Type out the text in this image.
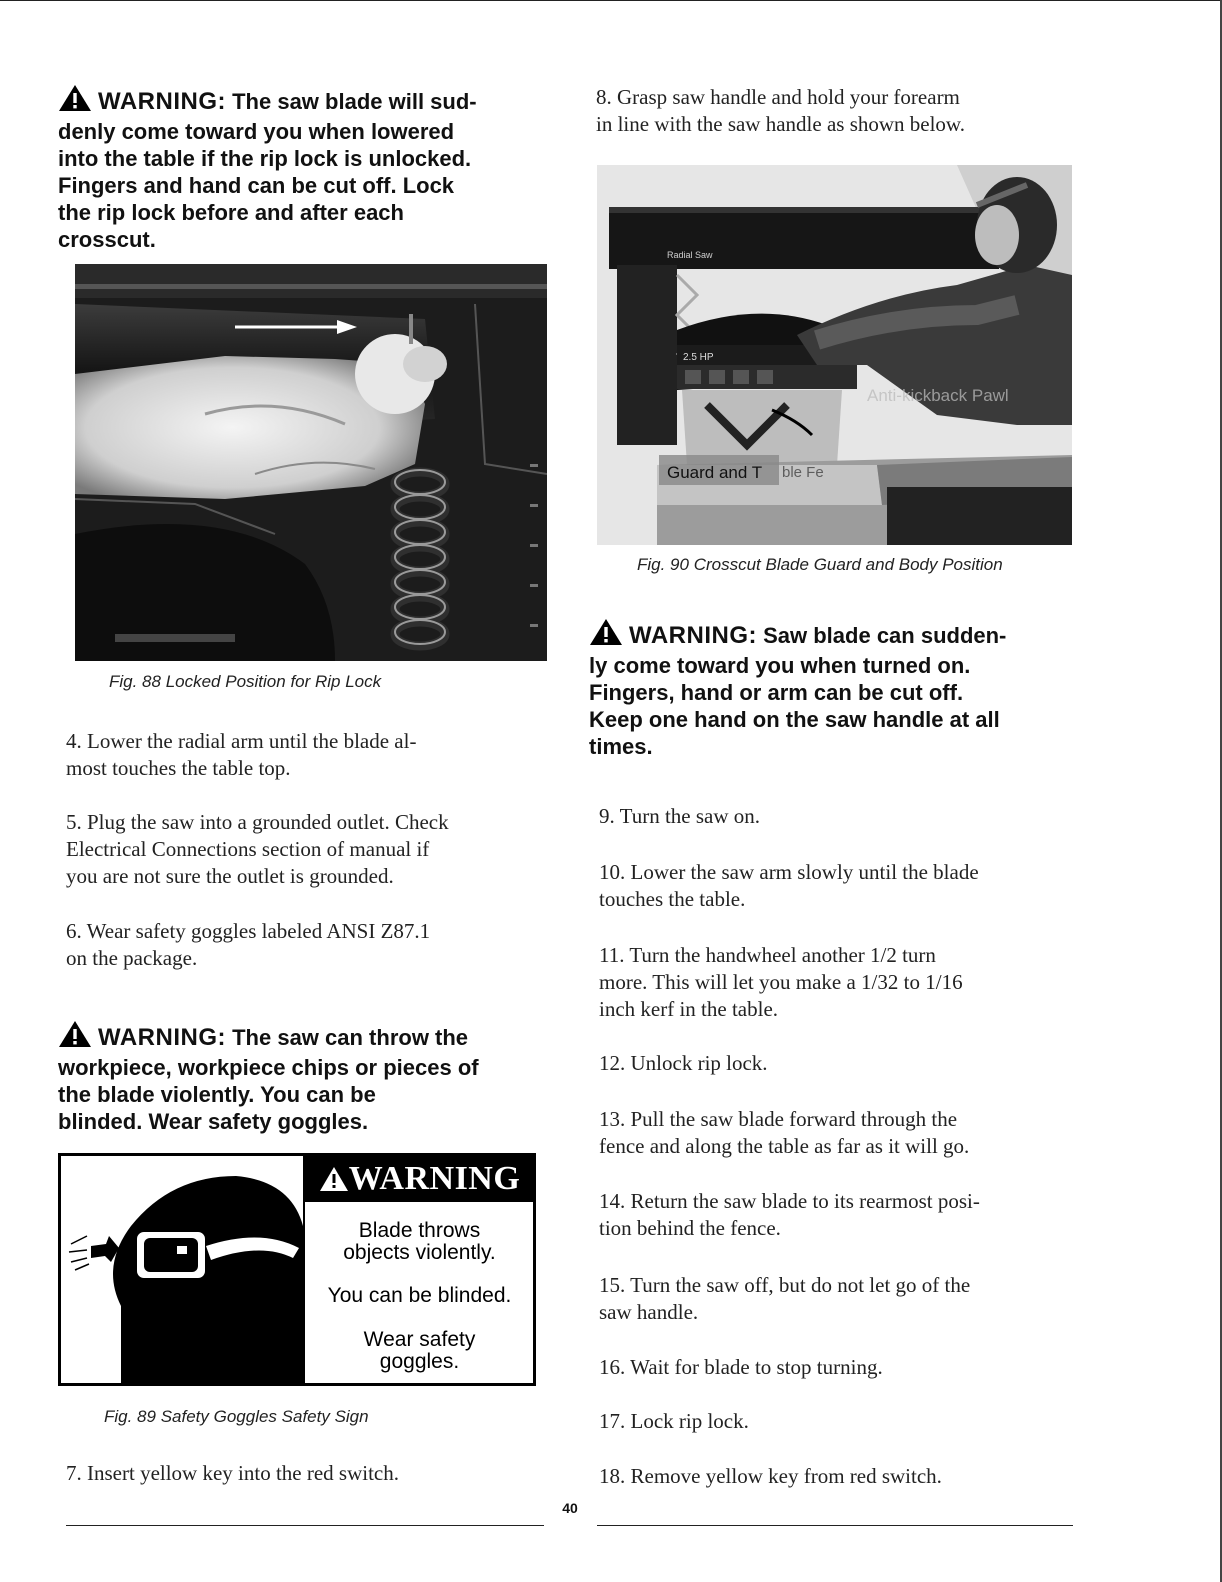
WARNING: The saw blade will sud-
denly come toward you when lowered
into the table if the rip lock is unlocked.
Fingers and hand can be cut off. Lock
the rip lock before and after each
crosscut.
Fig. 88 Locked Position for Rip Lock
4. Lower the radial arm until the blade al-
most touches the table top.
5. Plug the saw into a grounded outlet. Check
Electrical Connections section of manual if
you are not sure the outlet is grounded.
6. Wear safety goggles labeled ANSI Z87.1
on the package.
WARNING: The saw can throw the
workpiece, workpiece chips or pieces of
the blade violently. You can be
blinded. Wear safety goggles.
WARNING
Blade throws
objects violently.
You can be blinded.
Wear safety
goggles.
Fig. 89 Safety Goggles Safety Sign
7. Insert yellow key into the red switch.
8. Grasp saw handle and hold your forearm
in line with the saw handle as shown below.
Radial Saw
2.5 HP
Guard and T ble Fe
Anti-kickback Pawl
Fig. 90 Crosscut Blade Guard and Body Position
WARNING: Saw blade can sudden-
ly come toward you when turned on.
Fingers, hand or arm can be cut off.
Keep one hand on the saw handle at all
times.
9. Turn the saw on.
10. Lower the saw arm slowly until the blade
touches the table.
11. Turn the handwheel another 1/2 turn
more. This will let you make a 1/32 to 1/16
inch kerf in the table.
12. Unlock rip lock.
13. Pull the saw blade forward through the
fence and along the table as far as it will go.
14. Return the saw blade to its rearmost posi-
tion behind the fence.
15. Turn the saw off, but do not let go of the
saw handle.
16. Wait for blade to stop turning.
17. Lock rip lock.
18. Remove yellow key from red switch.
40
